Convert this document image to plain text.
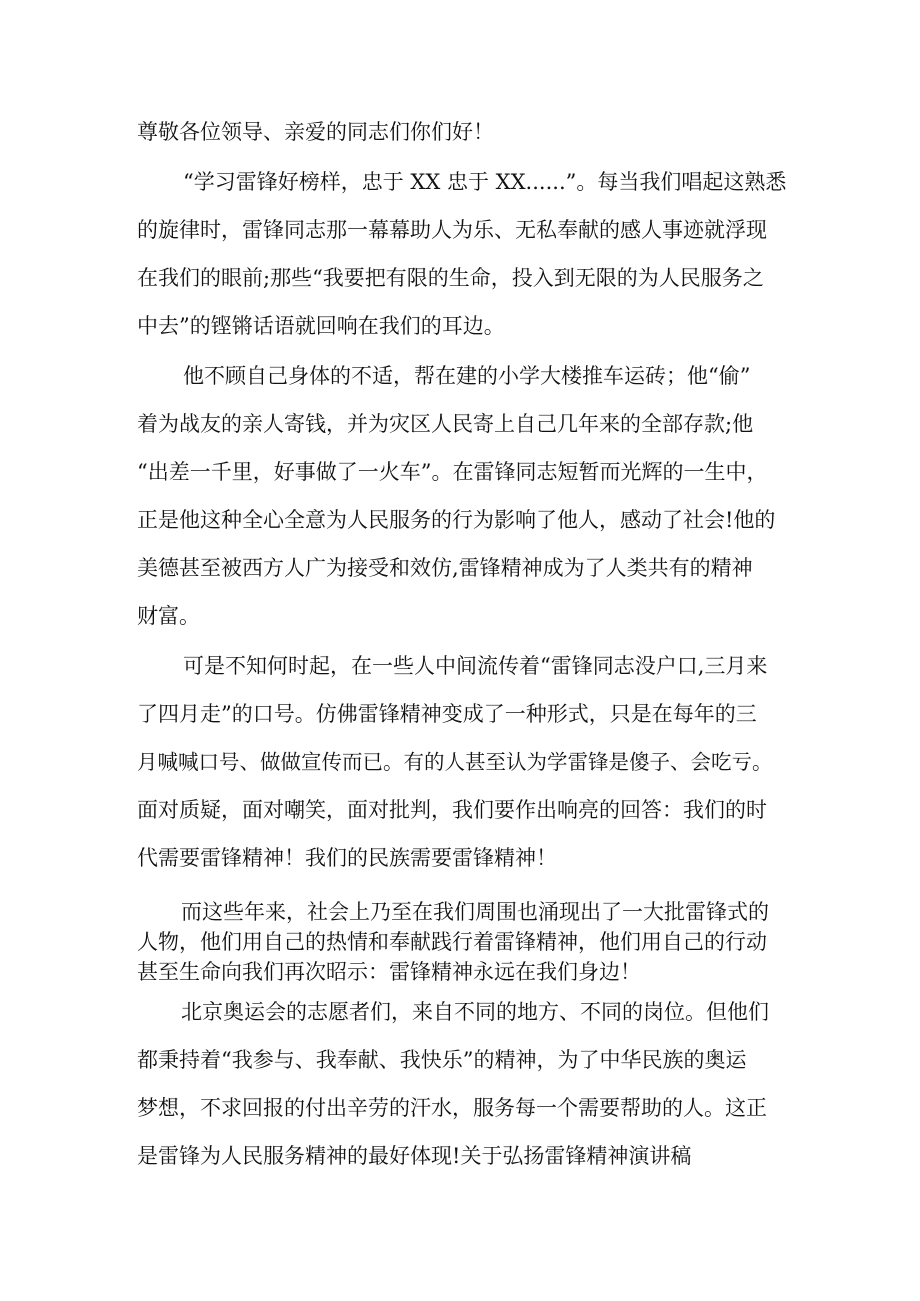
尊敬各位领导、亲爱的同志们你们好！
“学习雷锋好榜样，忠于 XX 忠于 XX......”。每当我们唱起这熟悉
的旋律时，雷锋同志那一幕幕助人为乐、无私奉献的感人事迹就浮现
在我们的眼前;那些“我要把有限的生命，投入到无限的为人民服务之
中去”的铿锵话语就回响在我们的耳边。
他不顾自己身体的不适，帮在建的小学大楼推车运砖；他“偷”
着为战友的亲人寄钱，并为灾区人民寄上自己几年来的全部存款;他
“出差一千里，好事做了一火车”。在雷锋同志短暂而光辉的一生中，
正是他这种全心全意为人民服务的行为影响了他人，感动了社会!他的
美德甚至被西方人广为接受和效仿,雷锋精神成为了人类共有的精神
财富。
可是不知何时起，在一些人中间流传着“雷锋同志没户口,三月来
了四月走”的口号。仿佛雷锋精神变成了一种形式，只是在每年的三
月喊喊口号、做做宣传而已。有的人甚至认为学雷锋是傻子、会吃亏。
面对质疑，面对嘲笑，面对批判，我们要作出响亮的回答：我们的时
代需要雷锋精神！我们的民族需要雷锋精神！
而这些年来，社会上乃至在我们周围也涌现出了一大批雷锋式的
人物，他们用自己的热情和奉献践行着雷锋精神，他们用自己的行动
甚至生命向我们再次昭示：雷锋精神永远在我们身边！
北京奥运会的志愿者们，来自不同的地方、不同的岗位。但他们
都秉持着“我参与、我奉献、我快乐”的精神，为了中华民族的奥运
梦想，不求回报的付出辛劳的汗水，服务每一个需要帮助的人。这正
是雷锋为人民服务精神的最好体现!关于弘扬雷锋精神演讲稿
